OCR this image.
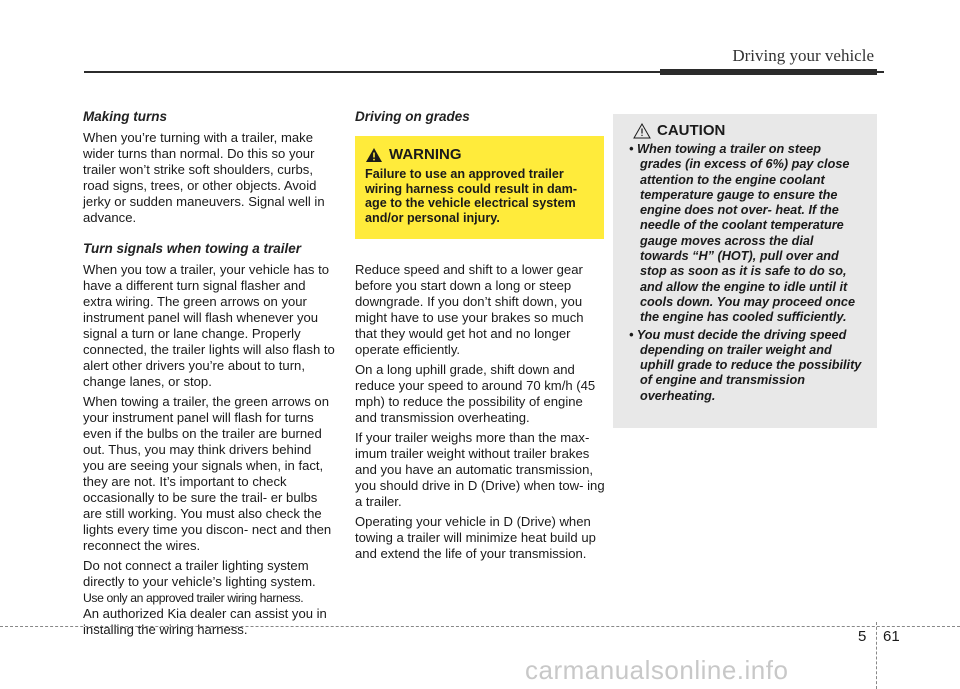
Driving your vehicle
Making turns

When you’re turning with a trailer, make wider turns than normal. Do this so your trailer won’t strike soft shoulders, curbs, road signs, trees, or other objects. Avoid jerky or sudden maneuvers. Signal well in advance.

Turn signals when towing a trailer

When you tow a trailer, your vehicle has to have a different turn signal flasher and extra wiring. The green arrows on your instrument panel will flash whenever you signal a turn or lane change. Properly connected, the trailer lights will also flash to alert other drivers you’re about to turn, change lanes, or stop.

When towing a trailer, the green arrows on your instrument panel will flash for turns even if the bulbs on the trailer are burned out. Thus, you may think drivers behind you are seeing your signals when, in fact, they are not. It’s important to check occasionally to be sure the trail- er bulbs are still working. You must also check the lights every time you discon- nect and then reconnect the wires.

Do not connect a trailer lighting system directly to your vehicle’s lighting system.

Use only an approved trailer wiring harness.

An authorized Kia dealer can assist you in installing the wiring harness.

Driving on grades

Reduce speed and shift to a lower gear before you start down a long or steep downgrade. If you don’t shift down, you might have to use your brakes so much that they would get hot and no longer operate efficiently.

On a long uphill grade, shift down and reduce your speed to around 70 km/h (45 mph) to reduce the possibility of engine and transmission overheating.

If your trailer weighs more than the max- imum trailer weight without trailer brakes and you have an automatic transmission, you should drive in D (Drive) when tow- ing a trailer.

Operating your vehicle in D (Drive) when towing a trailer will minimize heat build up and extend the life of your transmission.

WARNING
Failure to use an approved trailer wiring harness could result in dam- age to the vehicle electrical system and/or personal injury.
CAUTION
• When towing a trailer on steep grades (in excess of 6%) pay close attention to the engine coolant temperature gauge to ensure the engine does not over- heat. If the needle of the coolant temperature gauge moves across the dial towards “H” (HOT), pull over and stop as soon as it is safe to do so, and allow the engine to idle until it cools down. You may proceed once the engine has cooled sufficiently.
• You must decide the driving speed depending on trailer weight and uphill grade to reduce the possibility of engine and transmission overheating.
5 61
carmanualsonline.info
